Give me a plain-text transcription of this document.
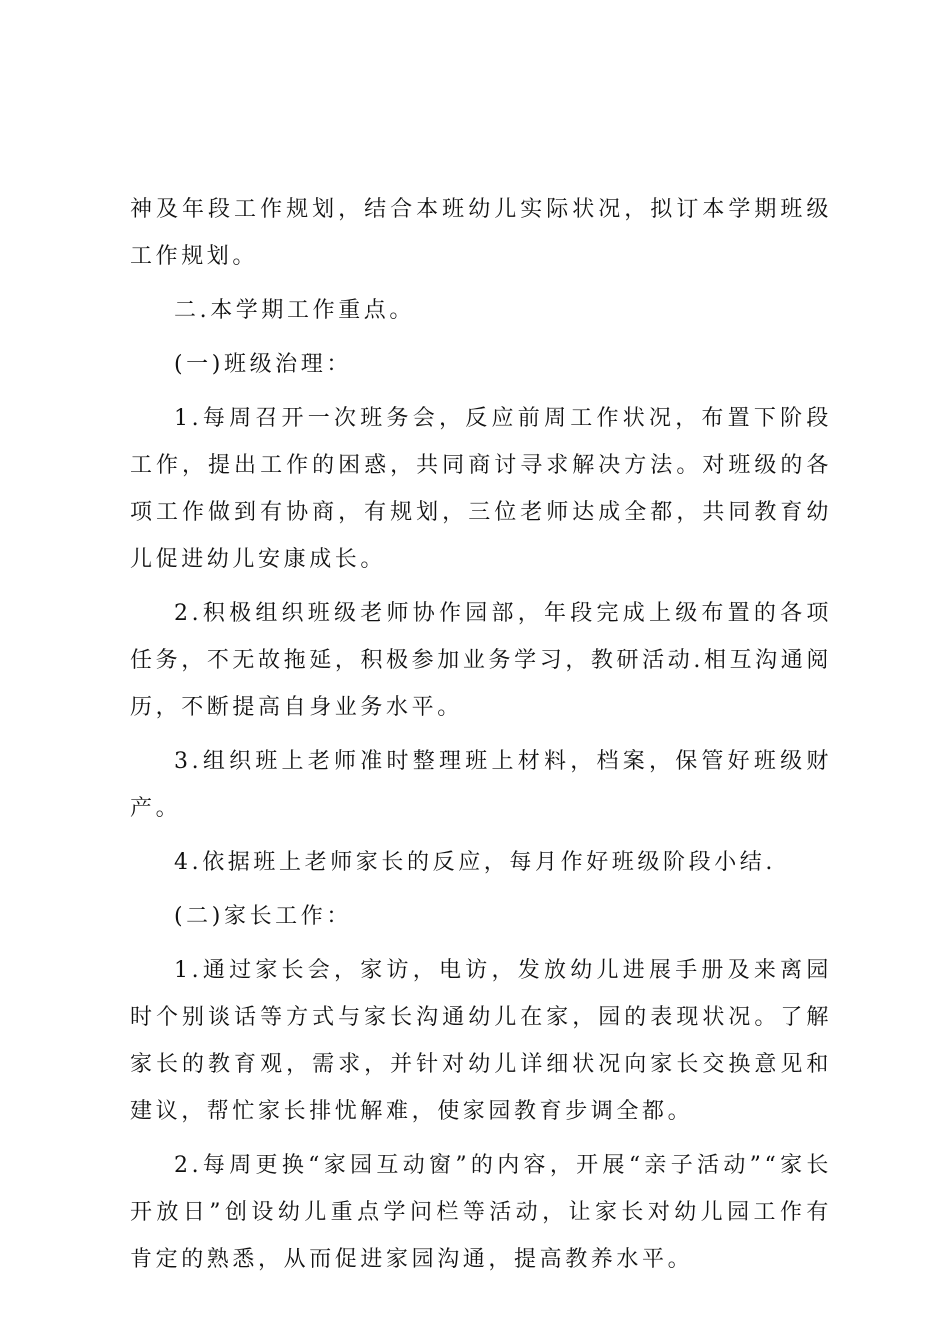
神及年段工作规划，结合本班幼儿实际状况，拟订本学期班级工作规划。

二.本学期工作重点。

(一)班级治理：

1.每周召开一次班务会，反应前周工作状况，布置下阶段工作，提出工作的困惑，共同商讨寻求解决方法。对班级的各项工作做到有协商，有规划，三位老师达成全都，共同教育幼儿促进幼儿安康成长。

2.积极组织班级老师协作园部，年段完成上级布置的各项任务，不无故拖延，积极参加业务学习，教研活动.相互沟通阅历，不断提高自身业务水平。

3.组织班上老师准时整理班上材料，档案，保管好班级财产。

4.依据班上老师家长的反应，每月作好班级阶段小结.

(二)家长工作：

1.通过家长会，家访，电访，发放幼儿进展手册及来离园时个别谈话等方式与家长沟通幼儿在家，园的表现状况。了解家长的教育观，需求，并针对幼儿详细状况向家长交换意见和建议，帮忙家长排忧解难，使家园教育步调全都。

2.每周更换“家园互动窗”的内容，开展“亲子活动”“家长开放日”创设幼儿重点学问栏等活动，让家长对幼儿园工作有肯定的熟悉，从而促进家园沟通，提高教养水平。
